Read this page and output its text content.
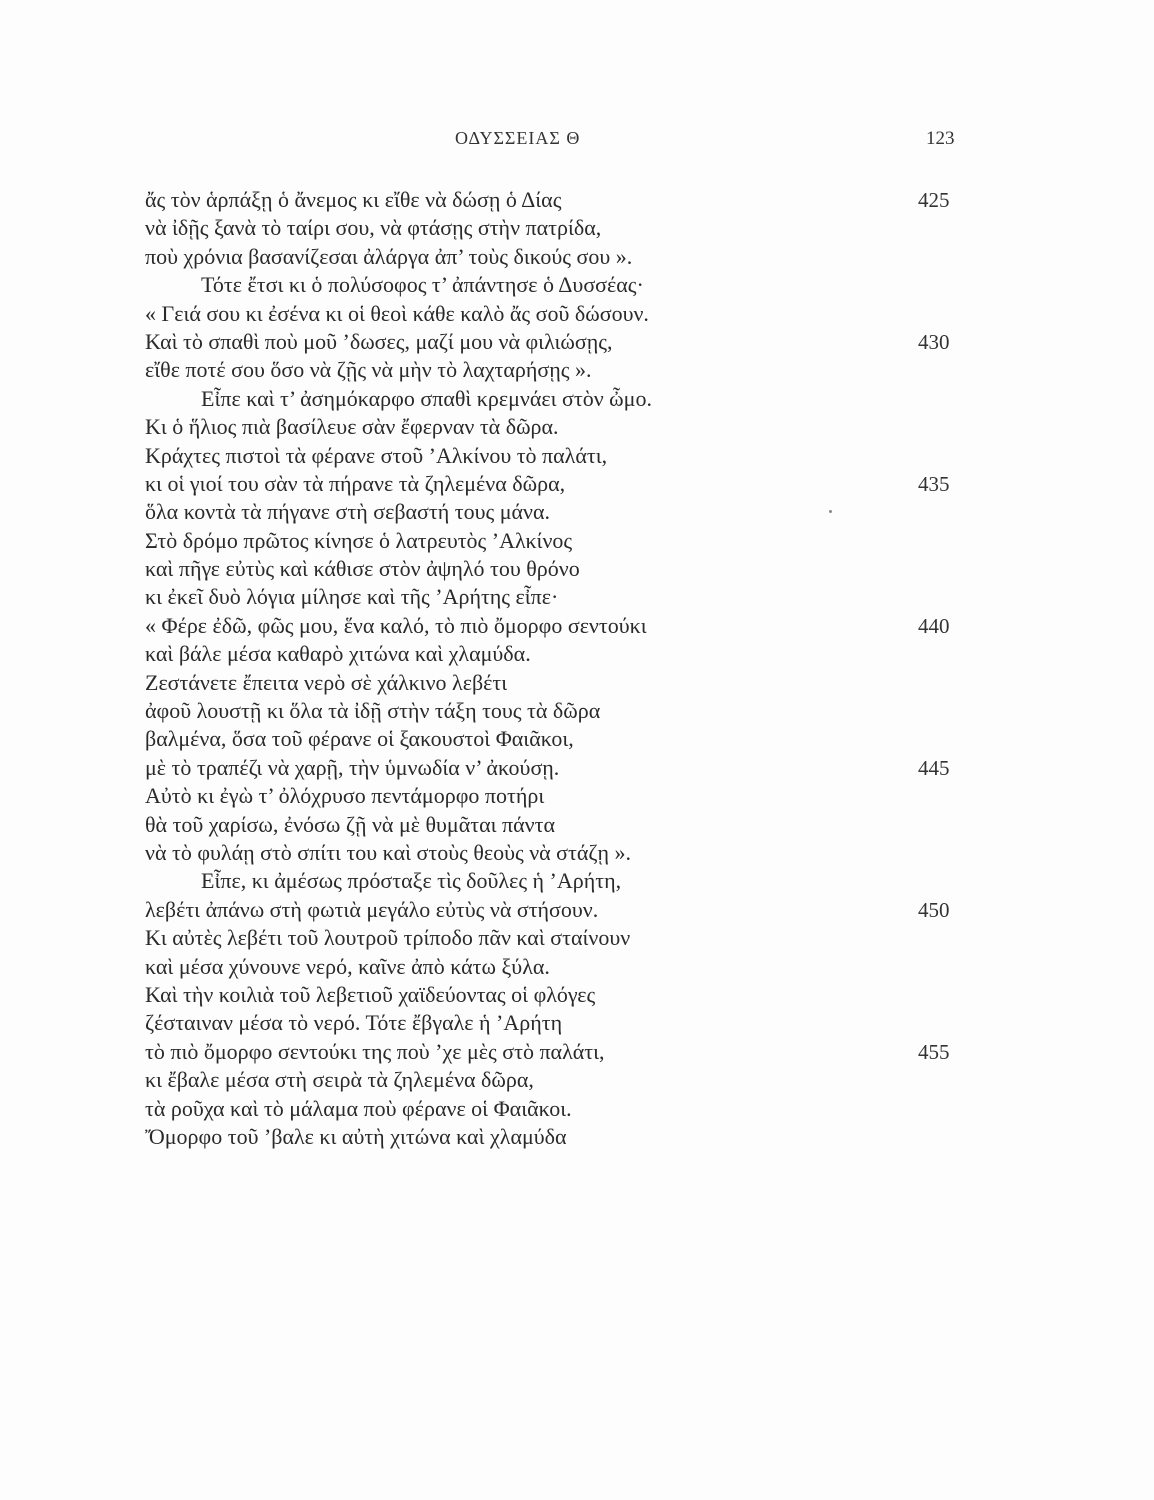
ΟΔΥΣΣΕΙΑΣ Θ	123
ἄς τὸν ἁρπάξῃ ὁ ἄνεμος κι εἴθε νὰ δώσῃ ὁ Δίας	425
νὰ ἰδῇς ξανὰ τὸ ταίρι σου, νὰ φτάσῃς στὴν πατρίδα,
ποὺ χρόνια βασανίζεσαι ἀλάργα ἀπ’ τοὺς δικούς σου ».
Τότε ἔτσι κι ὁ πολύσοφος τ’ ἀπάντησε ὁ Δυσσέας·
« Γειά σου κι ἐσένα κι οἱ θεοὶ κάθε καλὸ ἄς σοῦ δώσουν.
Καὶ τὸ σπαθὶ ποὺ μοῦ ’δωσες, μαζί μου νὰ φιλιώσῃς,	430
εἴθε ποτέ σου ὅσο νὰ ζῇς νὰ μὴν τὸ λαχταρήσῃς ».
Εἶπε καὶ τ’ ἀσημόκαρφο σπαθὶ κρεμνάει στὸν ὦμο.
Κι ὁ ἥλιος πιὰ βασίλευε σὰν ἔφερναν τὰ δῶρα.
Κράχτες πιστοὶ τὰ φέρανε στοῦ ’Αλκίνου τὸ παλάτι,
κι οἱ γιοί του σὰν τὰ πήρανε τὰ ζηλεμένα δῶρα,	435
ὅλα κοντὰ τὰ πήγανε στὴ σεβαστή τους μάνα.
Στὸ δρόμο πρῶτος κίνησε ὁ λατρευτὸς ’Αλκίνος
καὶ πῆγε εὐτὺς καὶ κάθισε στὸν ἀψηλό του θρόνο
κι ἐκεῖ δυὸ λόγια μίλησε καὶ τῆς ’Αρήτης εἶπε·
« Φέρε ἐδῶ, φῶς μου, ἕνα καλό, τὸ πιὸ ὄμορφο σεντούκι	440
καὶ βάλε μέσα καθαρὸ χιτώνα καὶ χλαμύδα.
Ζεστάνετε ἔπειτα νερὸ σὲ χάλκινο λεβέτι
ἀφοῦ λουστῇ κι ὅλα τὰ ἰδῇ στὴν τάξη τους τὰ δῶρα
βαλμένα, ὅσα τοῦ φέρανε οἱ ξακουστοὶ Φαιᾶκοι,
μὲ τὸ τραπέζι νὰ χαρῇ, τὴν ὑμνωδία ν’ ἀκούσῃ.	445
Αὐτὸ κι ἐγὼ τ’ ὀλόχρυσο πεντάμορφο ποτήρι
θὰ τοῦ χαρίσω, ἐνόσω ζῇ νὰ μὲ θυμᾶται πάντα
νὰ τὸ φυλάῃ στὸ σπίτι του καὶ στοὺς θεοὺς νὰ στάζῃ ».
Εἶπε, κι ἀμέσως πρόσταξε τὶς δοῦλες ἡ ’Αρήτη,
λεβέτι ἀπάνω στὴ φωτιὰ μεγάλο εὐτὺς νὰ στήσουν.	450
Κι αὐτὲς λεβέτι τοῦ λουτροῦ τρίποδο πᾶν καὶ σταίνουν
καὶ μέσα χύνουνε νερό, καῖνε ἀπὸ κάτω ξύλα.
Καὶ τὴν κοιλιὰ τοῦ λεβετιοῦ χαϊδεύοντας οἱ φλόγες
ζέσταιναν μέσα τὸ νερό. Τότε ἔβγαλε ἡ ’Αρήτη
τὸ πιὸ ὄμορφο σεντούκι της ποὺ ’χε μὲς στὸ παλάτι,	455
κι ἔβαλε μέσα στὴ σειρὰ τὰ ζηλεμένα δῶρα,
τὰ ροῦχα καὶ τὸ μάλαμα ποὺ φέρανε οἱ Φαιᾶκοι.
Ὄμορφο τοῦ ’βαλε κι αὐτὴ χιτώνα καὶ χλαμύδα
